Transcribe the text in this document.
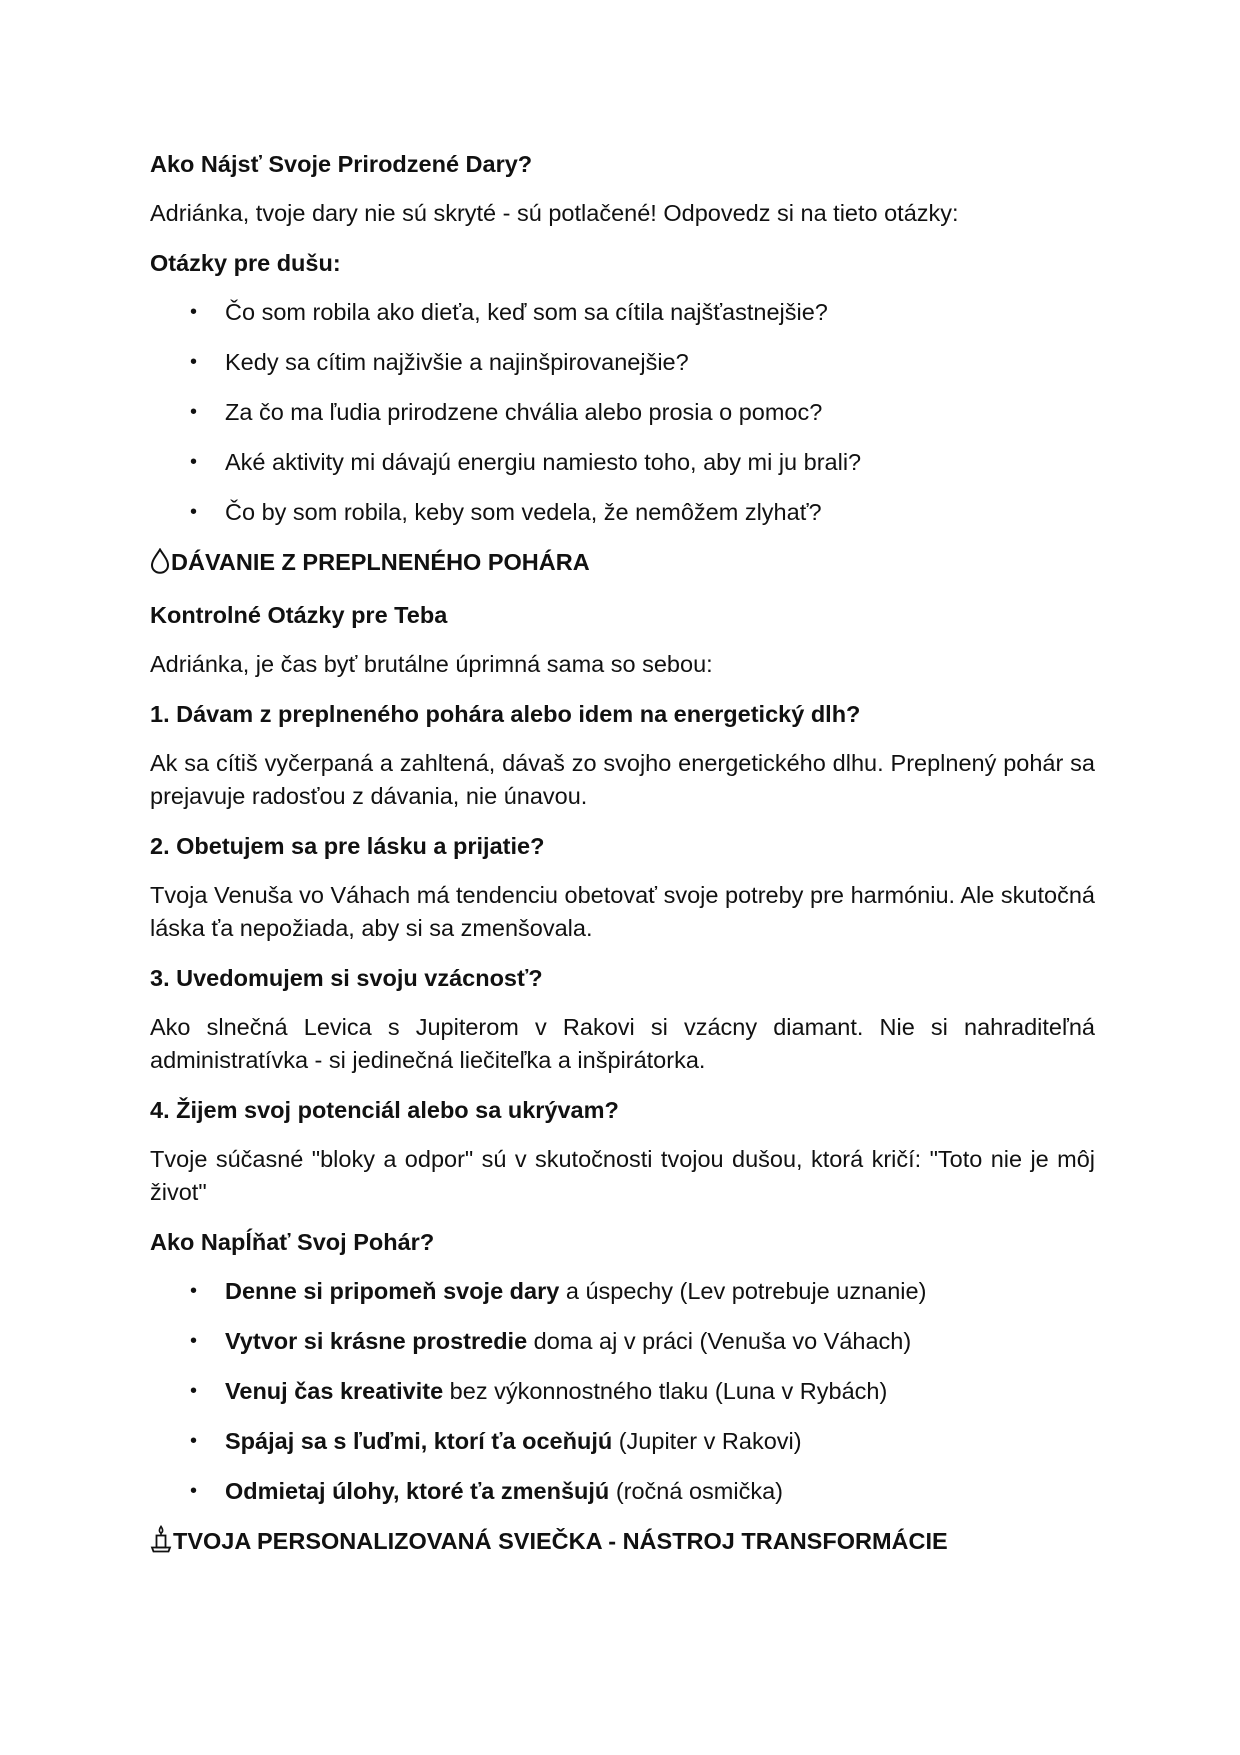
Ako Nájsť Svoje Prirodzené Dary?
Adriánka, tvoje dary nie sú skryté - sú potlačené! Odpovedz si na tieto otázky:
Otázky pre dušu:
• Čo som robila ako dieťa, keď som sa cítila najšťastnejšie?
• Kedy sa cítim najživšie a najinšpirovanejšie?
• Za čo ma ľudia prirodzene chvália alebo prosia o pomoc?
• Aké aktivity mi dávajú energiu namiesto toho, aby mi ju brali?
• Čo by som robila, keby som vedela, že nemôžem zlyhať?
DÁVANIE Z PREPLNENÉHO POHÁRA
Kontrolné Otázky pre Teba
Adriánka, je čas byť brutálne úprimná sama so sebou:
1. Dávam z preplneného pohára alebo idem na energetický dlh?
Ak sa cítiš vyčerpaná a zahltená, dávaš zo svojho energetického dlhu. Preplnený pohár sa prejavuje radosťou z dávania, nie únavou.
2. Obetujem sa pre lásku a prijatie?
Tvoja Venuša vo Váhach má tendenciu obetovať svoje potreby pre harmóniu. Ale skutočná láska ťa nepožiada, aby si sa zmenšovala.
3. Uvedomujem si svoju vzácnosť?
Ako slnečná Levica s Jupiterom v Rakovi si vzácny diamant. Nie si nahraditeľná administratívka - si jedinečná liečiteľka a inšpirátorka.
4. Žijem svoj potenciál alebo sa ukrývam?
Tvoje súčasné "bloky a odpor" sú v skutočnosti tvojou dušou, ktorá kričí: "Toto nie je môj život"
Ako Napĺňať Svoj Pohár?
• Denne si pripomeň svoje dary a úspechy (Lev potrebuje uznanie)
• Vytvor si krásne prostredie doma aj v práci (Venuša vo Váhach)
• Venuj čas kreativite bez výkonnostného tlaku (Luna v Rybách)
• Spájaj sa s ľuďmi, ktorí ťa oceňujú (Jupiter v Rakovi)
• Odmietaj úlohy, ktoré ťa zmenšujú (ročná osmička)
TVOJA PERSONALIZOVANÁ SVIEČKA - NÁSTROJ TRANSFORMÁCIE
